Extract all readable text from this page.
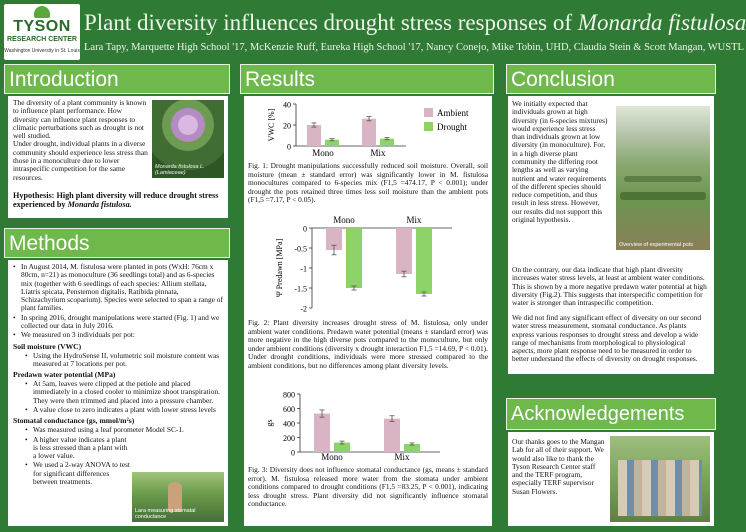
TYSON
RESEARCH CENTER
Washington University in St. Louis
Plant diversity influences drought stress responses of Monarda fistulosa
Lara Tapy, Marquette High School '17, McKenzie Ruff, Eureka High School '17, Nancy Conejo, Mike Tobin, UHD, Claudia Stein & Scott Mangan, WUSTL
Introduction
The diversity of a plant community is known to influence plant performance. How diversity can influence plant responses to climatic perturbations such as drought is not well studied.
Under drought, individual plants in a diverse community should experience less stress than those in a monoculture due to lower intraspecific competition for the same resources.
Monarda fistulosa L. (Lamiaceae)
Hypothesis: High plant diversity will reduce drought stress experienced by Monarda fistulosa.
Methods
• In August 2014, M. fistulosa were planted in pots (WxH: 76cm x 80cm, n=21) as monoculture (36 seedlings total) and as 6-species mix (together with 6 seedlings of each species: Allium stellata, Liatris spicata, Penstemon digitalis, Ratibida pinnata, Schizachyrium scoparium). Species were selected to span a range of plant families.
• In spring 2016, drought manipulations were started (Fig. 1) and we collected our data in July 2016.
• We measured on 3 individuals per pot:
Soil moisture (VWC)
• Using the HydroSense II, volumetric soil moisture content was measured at 7 locations per pot.
Predawn water potential (MPa)
• At 5am, leaves were clipped at the petiole and placed immediately in a closed cooler to minimize shoot transpiration. They were then trimmed and placed into a pressure chamber.
• A value close to zero indicates a plant with lower stress levels
Stomatal conductance (gs, mmol/m²s)
• Was measured using a leaf porometer Model SC-1.
• A higher value indicates a plant is less stressed than a plant with a lower value.
• We used a 2-way ANOVA to test for significant differences between treatments.
Lara measuring stomatal conductance
Results
40
20
0
VWC [%]
Mono	Mix
Ambient
Drought
Fig. 1: Drought manipulations successfully reduced soil moisture. Overall, soil moisture (mean ± standard error) was significantly lower in M. fistulosa monocultures compared to 6-species mix (F1,5 =474.17, P < 0.001); under drought the pots retained three times less soil moisture than the ambient pots (F1,5 =7.17, P < 0.05).
0
-0.5
-1
-1.5
-2
Ψ Predawn [MPa]
Mono	Mix
Fig. 2: Plant diversity increases drought stress of M. fistulosa, only under ambient water conditions. Predawn water potential (means ± standard error) was more negative in the high diverse pots compared to the monoculture, but only under ambient conditions (diversity x drought interaction F1,5 =14.69, P < 0.01). Under drought conditions, individuals were more stressed compared to the ambient conditions, but no differences among plant diversity levels.
800
600
400
200
0
gs
Mono	Mix
Fig. 3: Diversity does not influence stomatal conductance (gs, means ± standard error). M. fistulosa released more water from the stomata under ambient conditions compared to drought conditions (F1,5 =83.25, P < 0.001), indicating less drought stress. Plant diversity did not significantly influence stomatal conductance.
Conclusion
We initially expected that individuals grown at high diversity (in 6-species mixtures) would experience less stress than individuals grown at low diversity (in monoculture). For, in a high diverse plant community the differing root lengths as well as varying nutrient and water requirements of the different species should reduce competition, and thus result in less stress. However, our results did not support this original hypothesis.
Overview of experimental pots
On the contrary, our data indicate that high plant diversity increases water stress levels, at least at ambient water conditions. This is shown by a more negative predawn water potential at high diversity (Fig.2). This suggests that interspecific competition for water is stronger than intraspecific competition.
We did not find any significant effect of diversity on our second water stress measurement, stomatal conductance. As plants express various responses to drought stress and develop a wide range of mechanisms from morphological to physiological aspects, more plant response need to be measured in order to better understand the effects of diversity on drought responses.
Acknowledgements
Our thanks goes to the Mangan Lab for all of their support. We would also like to thank the Tyson Research Center staff and the TERF program, especially TERF supervisor Susan Flowers.
